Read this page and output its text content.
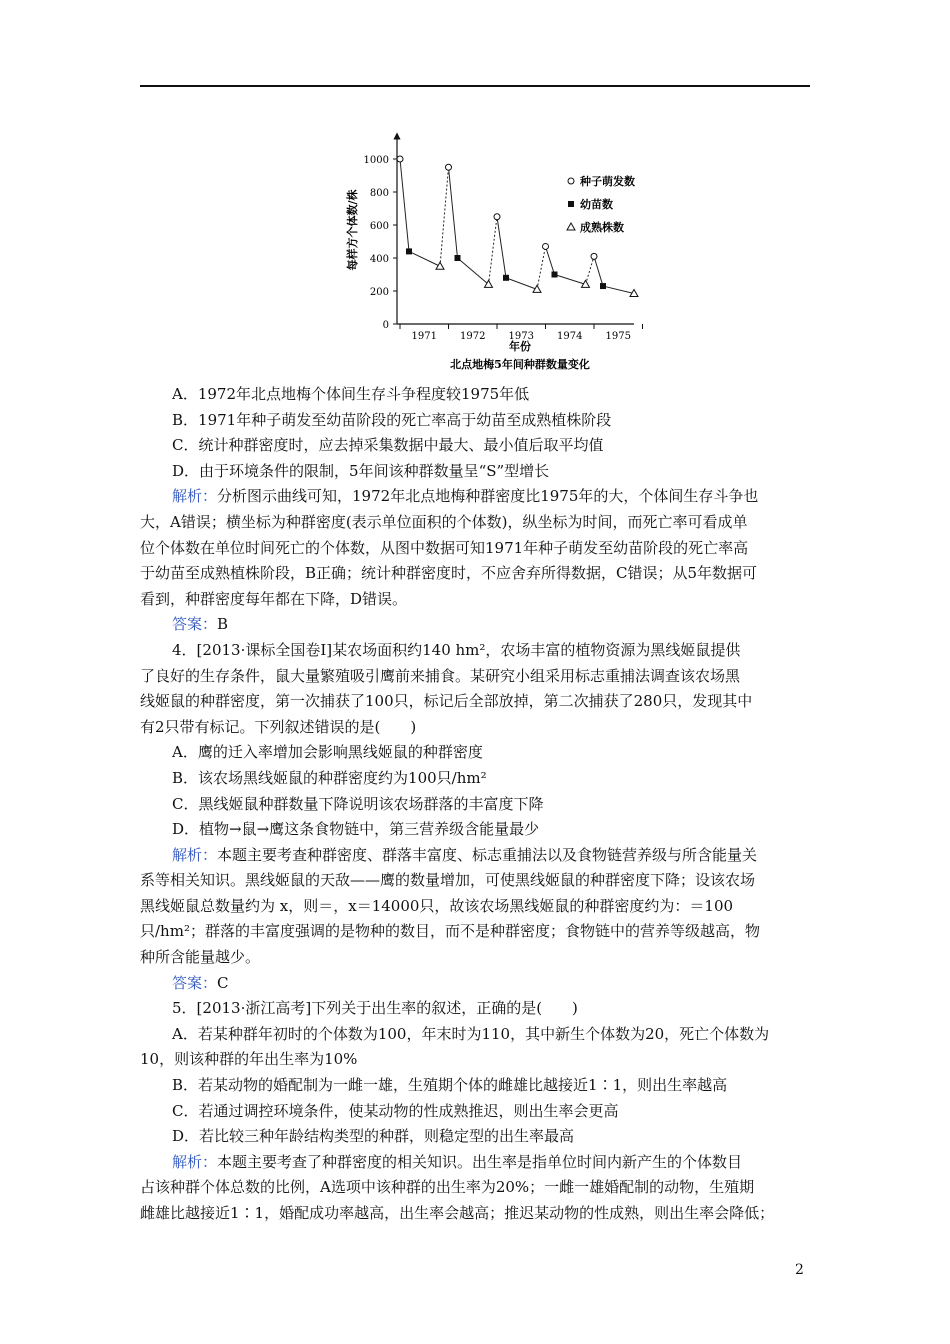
0
200
400
600
800
1000
1971 1972 1973 1974 1975
种子萌发数
幼苗数
成熟株数
每样方个体数/株
年份
北点地梅5年间种群数量变化
A．1972年北点地梅个体间生存斗争程度较1975年低
B．1971年种子萌发至幼苗阶段的死亡率高于幼苗至成熟植株阶段
C．统计种群密度时，应去掉采集数据中最大、最小值后取平均值
D．由于环境条件的限制，5年间该种群数量呈“S”型增长
解析：分析图示曲线可知，1972年北点地梅种群密度比1975年的大，个体间生存斗争也
大，A错误；横坐标为种群密度(表示单位面积的个体数)，纵坐标为时间，而死亡率可看成单
位个体数在单位时间死亡的个体数，从图中数据可知1971年种子萌发至幼苗阶段的死亡率高
于幼苗至成熟植株阶段，B正确；统计种群密度时，不应舍弃所得数据，C错误；从5年数据可
看到，种群密度每年都在下降，D错误。
答案：B
4．[2013·课标全国卷Ⅰ]某农场面积约140 hm²，农场丰富的植物资源为黑线姬鼠提供
了良好的生存条件，鼠大量繁殖吸引鹰前来捕食。某研究小组采用标志重捕法调查该农场黑
线姬鼠的种群密度，第一次捕获了100只，标记后全部放掉，第二次捕获了280只，发现其中
有2只带有标记。下列叙述错误的是(　　)
A．鹰的迁入率增加会影响黑线姬鼠的种群密度
B．该农场黑线姬鼠的种群密度约为100只/hm²
C．黑线姬鼠种群数量下降说明该农场群落的丰富度下降
D．植物→鼠→鹰这条食物链中，第三营养级含能量最少
解析：本题主要考查种群密度、群落丰富度、标志重捕法以及食物链营养级与所含能量关
系等相关知识。黑线姬鼠的天敌——鹰的数量增加，可使黑线姬鼠的种群密度下降；设该农场
黑线姬鼠总数量约为 x，则＝，x＝14000只，故该农场黑线姬鼠的种群密度约为：＝100
只/hm²；群落的丰富度强调的是物种的数目，而不是种群密度；食物链中的营养等级越高，物
种所含能量越少。
答案：C
5．[2013·浙江高考]下列关于出生率的叙述，正确的是(　　)
A．若某种群年初时的个体数为100，年末时为110，其中新生个体数为20，死亡个体数为
10，则该种群的年出生率为10%
B．若某动物的婚配制为一雌一雄，生殖期个体的雌雄比越接近1∶1，则出生率越高
C．若通过调控环境条件，使某动物的性成熟推迟，则出生率会更高
D．若比较三种年龄结构类型的种群，则稳定型的出生率最高
解析：本题主要考查了种群密度的相关知识。出生率是指单位时间内新产生的个体数目
占该种群个体总数的比例，A选项中该种群的出生率为20%；一雌一雄婚配制的动物，生殖期
雌雄比越接近1∶1，婚配成功率越高，出生率会越高；推迟某动物的性成熟，则出生率会降低；
2
